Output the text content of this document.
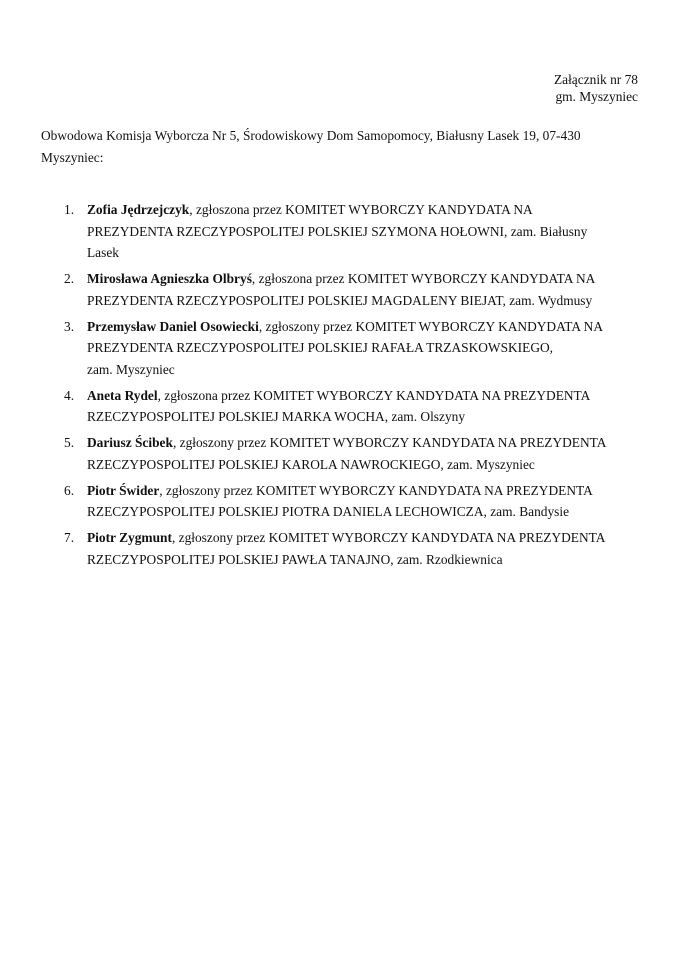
Załącznik nr 78
gm. Myszyniec
Obwodowa Komisja Wyborcza Nr 5, Środowiskowy Dom Samopomocy, Białusny Lasek 19, 07-430
Myszyniec:
1. Zofia Jędrzejczyk, zgłoszona przez KOMITET WYBORCZY KANDYDATA NA
PREZYDENTA RZECZYPOSPOLITEJ POLSKIEJ SZYMONA HOŁOWNI, zam. Białusny
Lasek
2. Mirosława Agnieszka Olbryś, zgłoszona przez KOMITET WYBORCZY KANDYDATA NA
PREZYDENTA RZECZYPOSPOLITEJ POLSKIEJ MAGDALENY BIEJAT, zam. Wydmusy
3. Przemysław Daniel Osowiecki, zgłoszony przez KOMITET WYBORCZY KANDYDATA NA
PREZYDENTA RZECZYPOSPOLITEJ POLSKIEJ RAFAŁA TRZASKOWSKIEGO,
zam. Myszyniec
4. Aneta Rydel, zgłoszona przez KOMITET WYBORCZY KANDYDATA NA PREZYDENTA
RZECZYPOSPOLITEJ POLSKIEJ MARKA WOCHA, zam. Olszyny
5. Dariusz Ścibek, zgłoszony przez KOMITET WYBORCZY KANDYDATA NA PREZYDENTA
RZECZYPOSPOLITEJ POLSKIEJ KAROLA NAWROCKIEGO, zam. Myszyniec
6. Piotr Świder, zgłoszony przez KOMITET WYBORCZY KANDYDATA NA PREZYDENTA
RZECZYPOSPOLITEJ POLSKIEJ PIOTRA DANIELA LECHOWICZA, zam. Bandysie
7. Piotr Zygmunt, zgłoszony przez KOMITET WYBORCZY KANDYDATA NA PREZYDENTA
RZECZYPOSPOLITEJ POLSKIEJ PAWŁA TANAJNO, zam. Rzodkiewnica
